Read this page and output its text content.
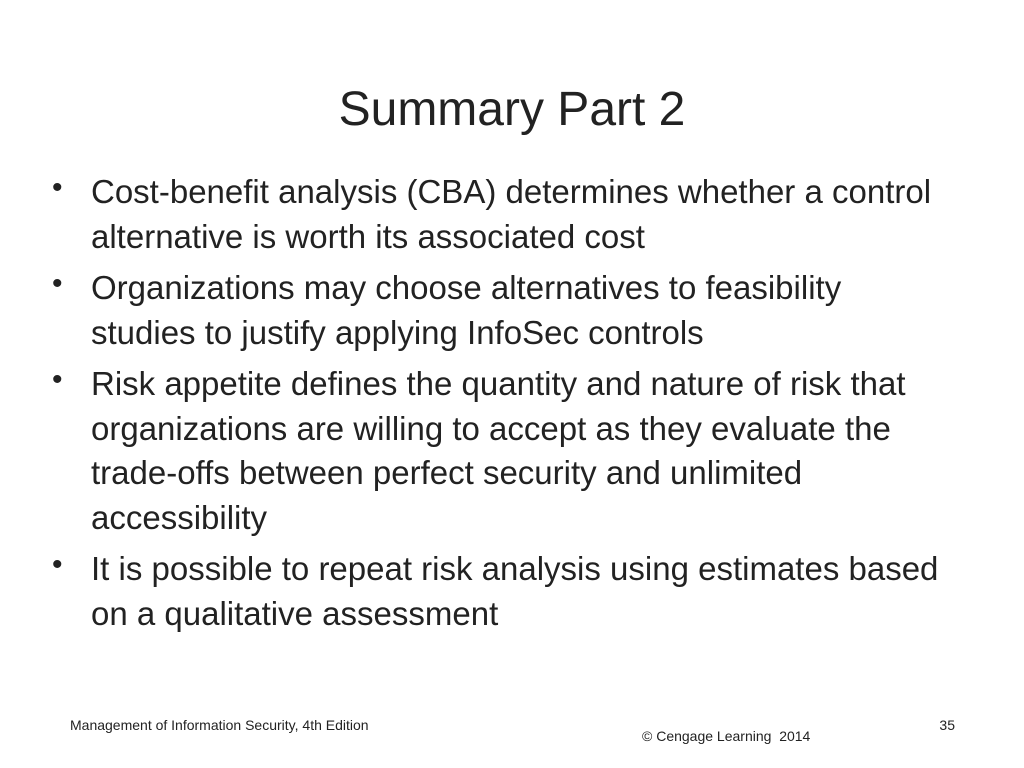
Summary Part 2
• Cost-benefit analysis (CBA) determines whether a control alternative is worth its associated cost
• Organizations may choose alternatives to feasibility studies to justify applying InfoSec controls
• Risk appetite defines the quantity and nature of risk that organizations are willing to accept as they evaluate the trade-offs between perfect security and unlimited accessibility
• It is possible to repeat risk analysis using estimates based on a qualitative assessment
Management of Information Security, 4th Edition
© Cengage Learning  2014
35
